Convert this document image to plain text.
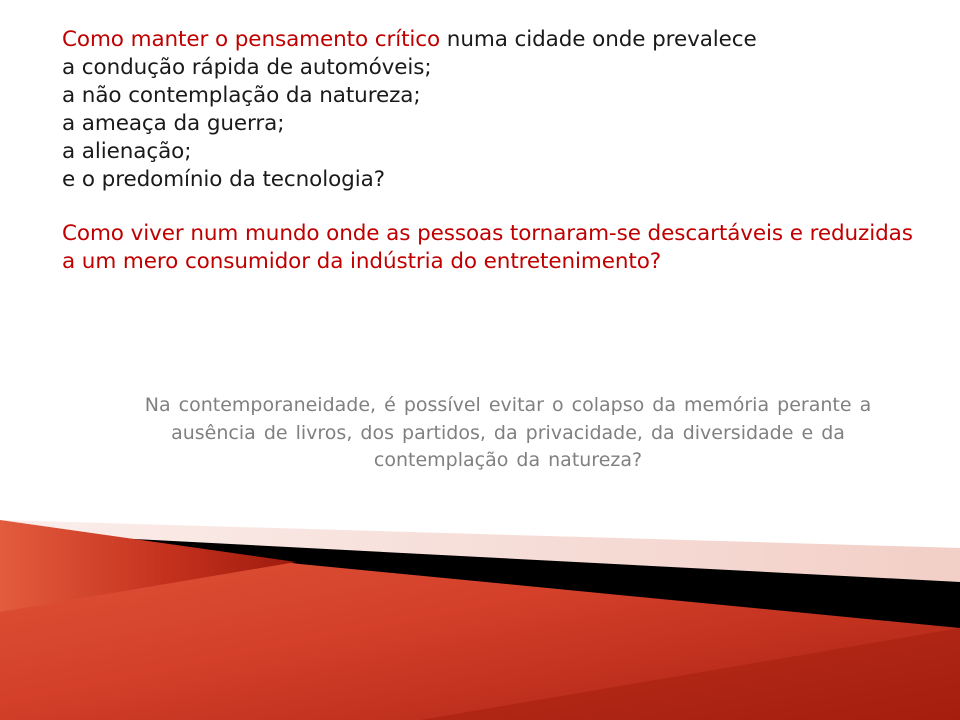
Como manter o pensamento crítico numa cidade onde prevalece

a condução rápida de automóveis;

a não contemplação da natureza;

a ameaça da guerra;

a alienação;

e o predomínio da tecnologia?

Como viver num mundo onde as pessoas tornaram-se descartáveis e reduzidas a um mero consumidor da indústria do entretenimento?

Na contemporaneidade, é possível evitar o colapso da memória perante a ausência de livros, dos partidos, da privacidade, da diversidade e da contemplação da natureza?
